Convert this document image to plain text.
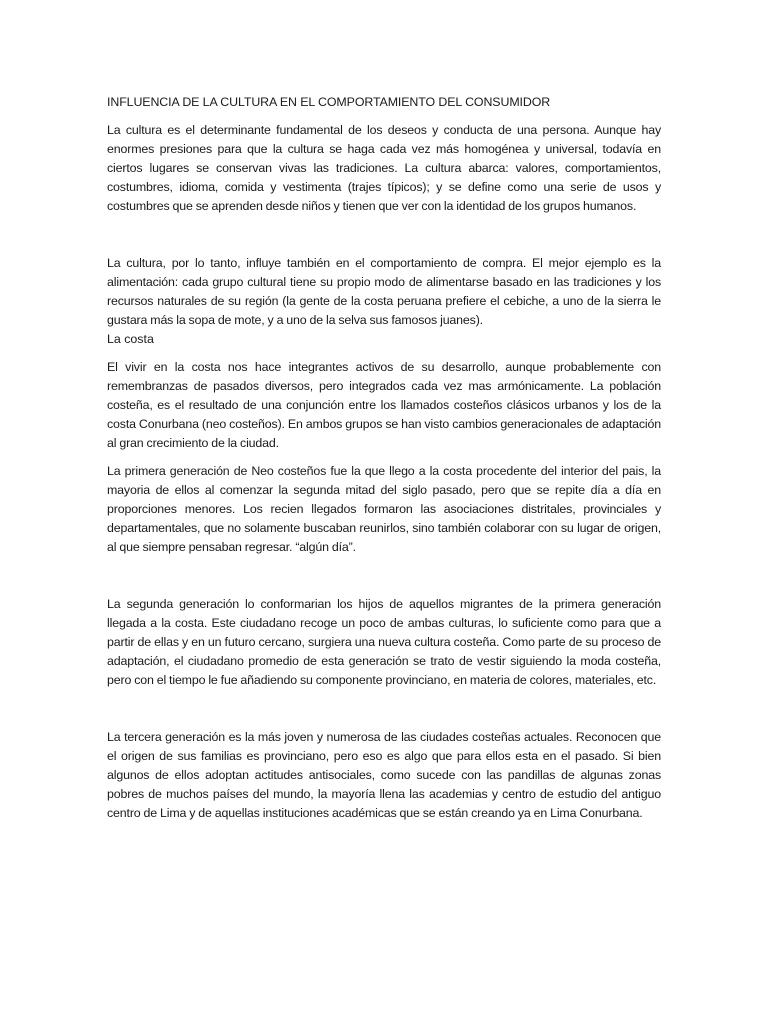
INFLUENCIA DE LA CULTURA EN EL COMPORTAMIENTO DEL CONSUMIDOR

La cultura es el determinante fundamental de los deseos y conducta de una persona. Aunque hay enormes presiones para que la cultura se haga cada vez más homogénea y universal, todavía en ciertos lugares se conservan vivas las tradiciones. La cultura abarca: valores, comportamientos, costumbres, idioma, comida y vestimenta (trajes típicos); y se define como una serie de usos y costumbres que se aprenden desde niños y tienen que ver con la identidad de los grupos humanos.

La cultura, por lo tanto, influye también en el comportamiento de compra. El mejor ejemplo es la alimentación: cada grupo cultural tiene su propio modo de alimentarse basado en las tradiciones y los recursos naturales de su región (la gente de la costa peruana prefiere el cebiche, a uno de la sierra le gustara más la sopa de mote, y a uno de la selva sus famosos juanes).

La costa

El vivir en la costa nos hace integrantes activos de su desarrollo, aunque probablemente con remembranzas de pasados diversos, pero integrados cada vez mas armónicamente. La población costeña, es el resultado de una conjunción entre los llamados costeños clásicos urbanos y los de la costa Conurbana (neo costeños). En ambos grupos se han visto cambios generacionales de adaptación al gran crecimiento de la ciudad.

La primera generación de Neo costeños fue la que llego a la costa procedente del interior del pais, la mayoria de ellos al comenzar la segunda mitad del siglo pasado, pero que se repite día a día en proporciones menores. Los recien llegados formaron las asociaciones distritales, provinciales y departamentales, que no solamente buscaban reunirlos, sino también colaborar con su lugar de origen, al que siempre pensaban regresar. “algún día”.

La segunda generación lo conformarian los hijos de aquellos migrantes de la primera generación llegada a la costa. Este ciudadano recoge un poco de ambas culturas, lo suficiente como para que a partir de ellas y en un futuro cercano, surgiera una nueva cultura costeña. Como parte de su proceso de adaptación, el ciudadano promedio de esta generación se trato de vestir siguiendo la moda costeña, pero con el tiempo le fue añadiendo su componente provinciano, en materia de colores, materiales, etc.

La tercera generación es la más joven y numerosa de las ciudades costeñas actuales. Reconocen que el origen de sus familias es provinciano, pero eso es algo que para ellos esta en el pasado. Si bien algunos de ellos adoptan actitudes antisociales, como sucede con las pandillas de algunas zonas pobres de muchos países del mundo, la mayoría llena las academias y centro de estudio del antiguo centro de Lima y de aquellas instituciones académicas que se están creando ya en Lima Conurbana.
